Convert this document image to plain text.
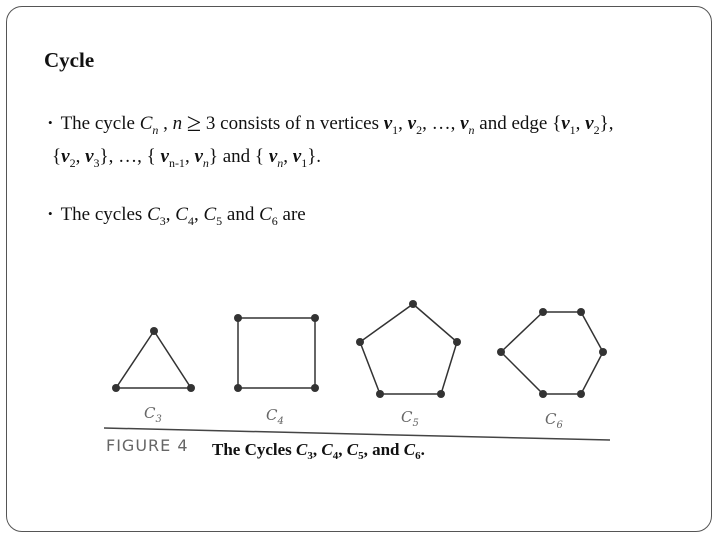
Cycle
• The cycle $C_n$ , n ≥ 3 consists of n vertices $v_1$, $v_2$, …, $v_n$ and edge {$v_1$, $v_2$},
{$v_2$, $v_3$}, …, { $v_{n-1}$, $v_n$} and { $v_n$, $v_1$}.
• The cycles $C_3$, $C_4$, $C_5$ and $C_6$ are
$C_3$	$C_4$	$C_5$	$C_6$
FIGURE 4 The Cycles $C_3$, $C_4$, $C_5$, and $C_6$.
